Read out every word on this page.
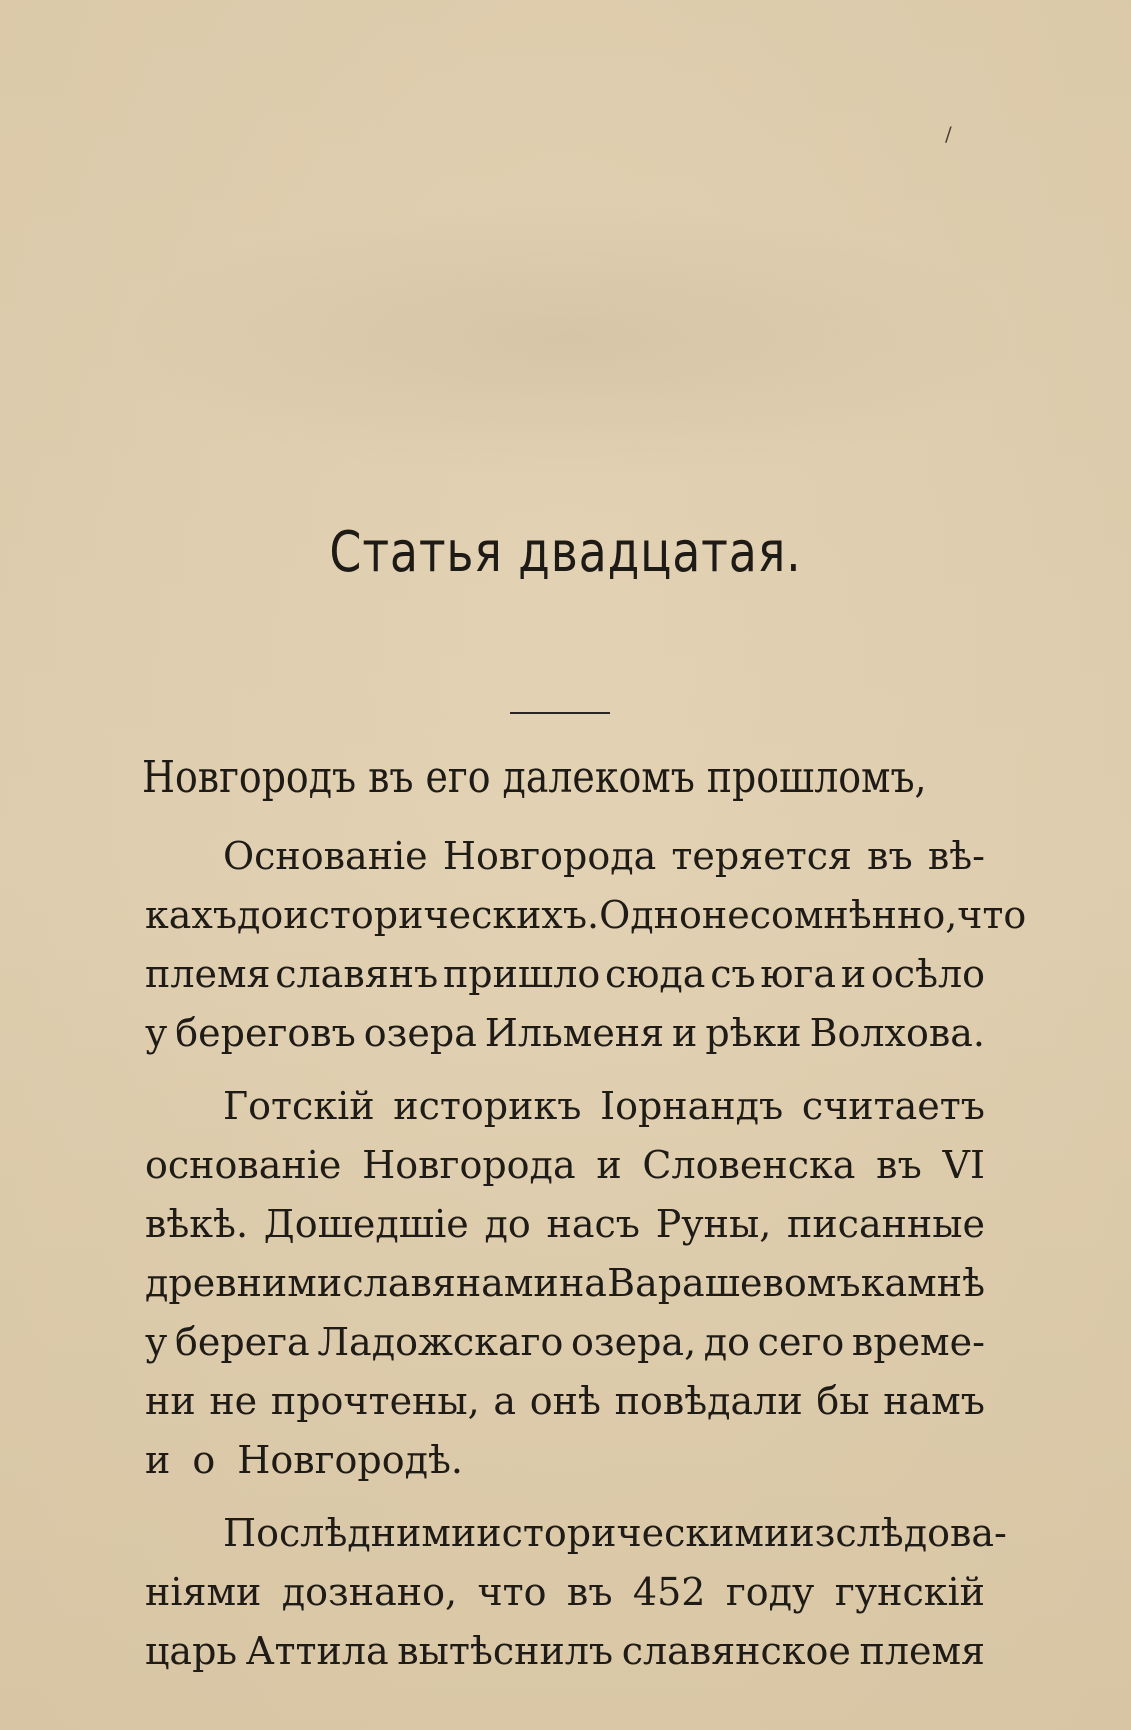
Статья двадцатая.
Новгородъ въ его далекомъ прошломъ,
Основаніе Новгорода теряется въ вѣ-
кахъ доисторическихъ. Одно несомнѣнно, что
племя славянъ пришло сюда съ юга и осѣло
у береговъ озера Ильменя и рѣки Волхова.
Готскій историкъ Іорнандъ считаетъ
основаніе Новгорода и Словенска въ VI
вѣкѣ. Дошедшіе до насъ Руны, писанные
древними славянами на Варашевомъ камнѣ
у берега Ладожскаго озера, до сего време-
ни не прочтены, а онѣ повѣдали бы намъ
и о Новгородѣ.
Послѣдними историческими изслѣдова-
ніями дознано, что въ 452 году гунскій
царь Аттила вытѣснилъ славянское племя
/
